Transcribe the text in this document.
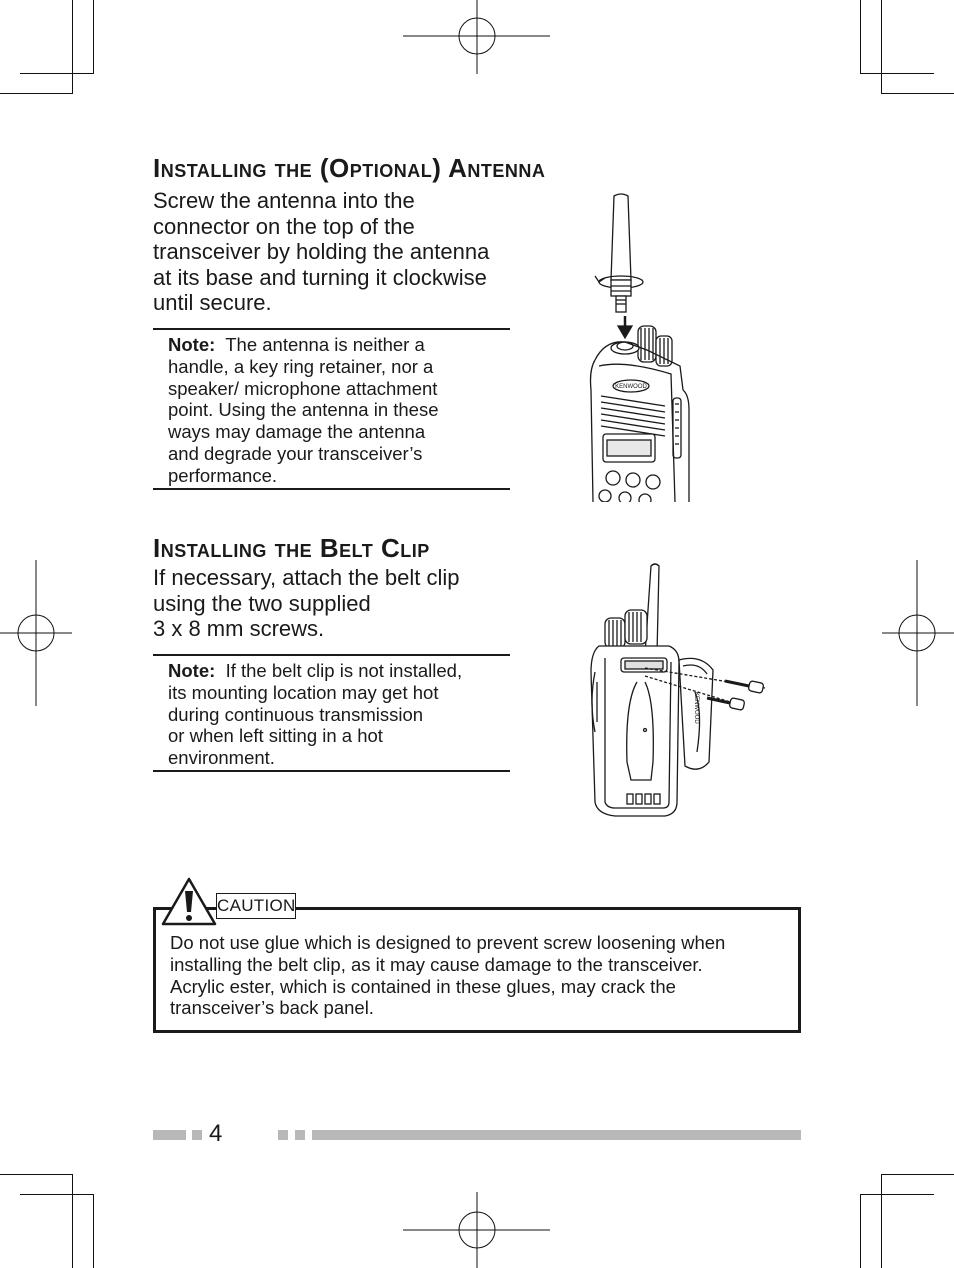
Installing the (Optional) Antenna

Screw the antenna into the
connector on the top of the
transceiver by holding the antenna
at its base and turning it clockwise
until secure.

Note: The antenna is neither a
handle, a key ring retainer, nor a
speaker/ microphone attachment
point. Using the antenna in these
ways may damage the antenna
and degrade your transceiver’s
performance.
KENWOOD
Installing the Belt Clip

If necessary, attach the belt clip
using the two supplied
3 x 8 mm screws.

Note: If the belt clip is not installed,
its mounting location may get hot
during continuous transmission
or when left sitting in a hot
environment.
KENWOOD
Do not use glue which is designed to prevent screw loosening when
installing the belt clip, as it may cause damage to the transceiver.
Acrylic ester, which is contained in these glues, may crack the
transceiver’s back panel.
CAUTION
4
